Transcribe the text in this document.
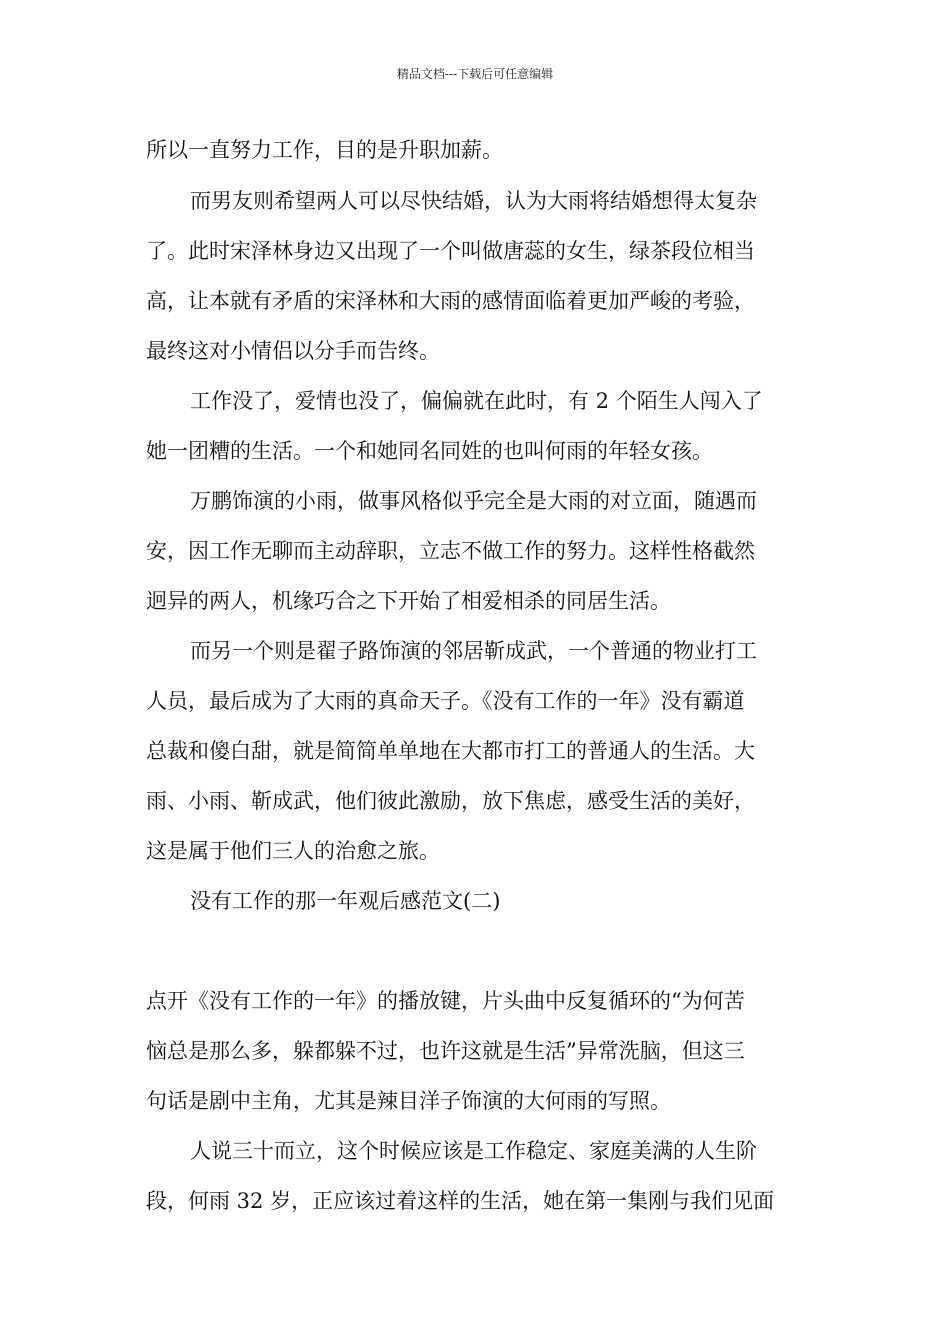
精品文档---下载后可任意编辑
所以一直努力工作，目的是升职加薪。
而男友则希望两人可以尽快结婚，认为大雨将结婚想得太复杂
了。此时宋泽林身边又出现了一个叫做唐蕊的女生，绿茶段位相当
高，让本就有矛盾的宋泽林和大雨的感情面临着更加严峻的考验，
最终这对小情侣以分手而告终。
工作没了，爱情也没了，偏偏就在此时，有 2 个陌生人闯入了
她一团糟的生活。一个和她同名同姓的也叫何雨的年轻女孩。
万鹏饰演的小雨，做事风格似乎完全是大雨的对立面，随遇而
安，因工作无聊而主动辞职，立志不做工作的努力。这样性格截然
迥异的两人，机缘巧合之下开始了相爱相杀的同居生活。
而另一个则是翟子路饰演的邻居靳成武，一个普通的物业打工
人员，最后成为了大雨的真命天子。《没有工作的一年》没有霸道
总裁和傻白甜，就是简简单单地在大都市打工的普通人的生活。大
雨、小雨、靳成武，他们彼此激励，放下焦虑，感受生活的美好，
这是属于他们三人的治愈之旅。
没有工作的那一年观后感范文(二)
点开《没有工作的一年》的播放键，片头曲中反复循环的“为何苦
恼总是那么多，躲都躲不过，也许这就是生活”异常洗脑，但这三
句话是剧中主角，尤其是辣目洋子饰演的大何雨的写照。
人说三十而立，这个时候应该是工作稳定、家庭美满的人生阶
段，何雨 32 岁，正应该过着这样的生活，她在第一集刚与我们见面
